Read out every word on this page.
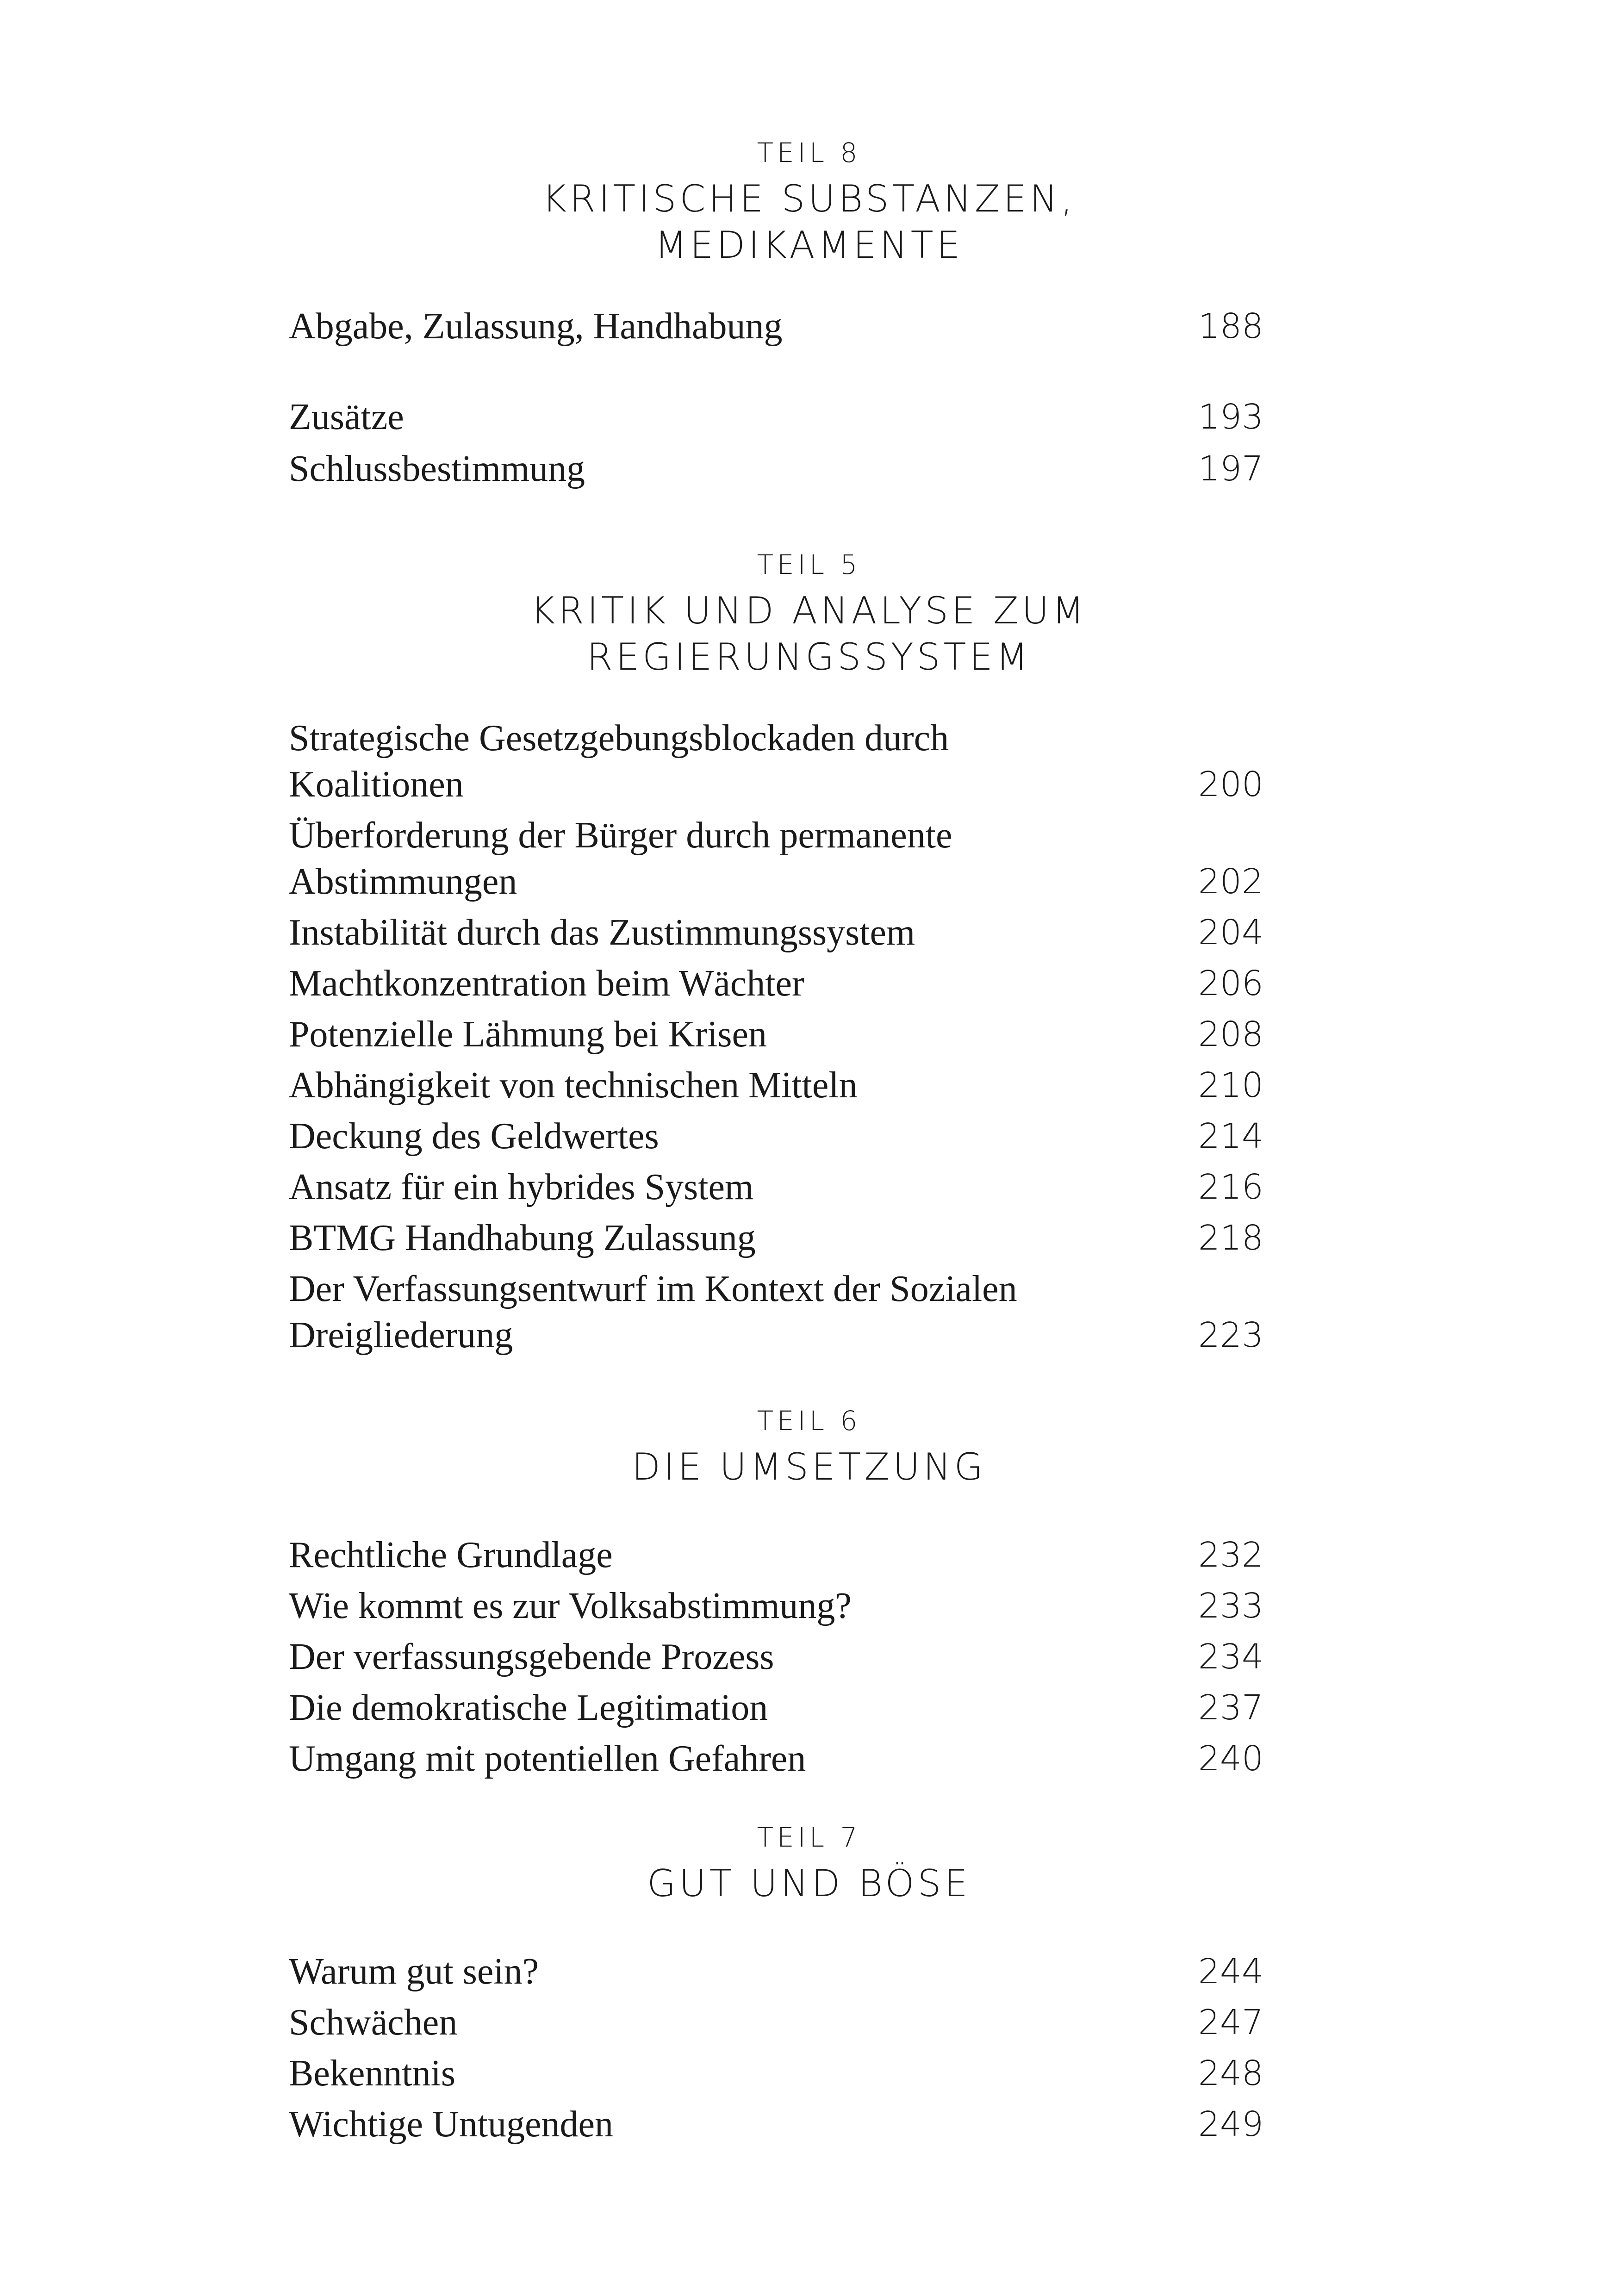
TEIL 8

KRITISCHE SUBSTANZEN,
MEDIKAMENTE
Abgabe, Zulassung, Handhabung	188
Zusätze	193
Schlussbestimmung	197

TEIL 5

KRITIK UND ANALYSE ZUM
REGIERUNGSSYSTEM
Strategische Gesetzgebungsblockaden durch Koalitionen	200
Überforderung der Bürger durch permanente Abstimmungen	202
Instabilität durch das Zustimmungssystem	204
Machtkonzentration beim Wächter	206
Potenzielle Lähmung bei Krisen	208
Abhängigkeit von technischen Mitteln	210
Deckung des Geldwertes	214
Ansatz für ein hybrides System	216
BTMG Handhabung Zulassung	218
Der Verfassungsentwurf im Kontext der Sozialen Dreigliederung	223

TEIL 6

DIE UMSETZUNG
Rechtliche Grundlage	232
Wie kommt es zur Volksabstimmung?	233
Der verfassungsgebende Prozess	234
Die demokratische Legitimation	237
Umgang mit potentiellen Gefahren	240

TEIL 7

GUT UND BÖSE
Warum gut sein?	244
Schwächen	247
Bekenntnis	248
Wichtige Untugenden	249
